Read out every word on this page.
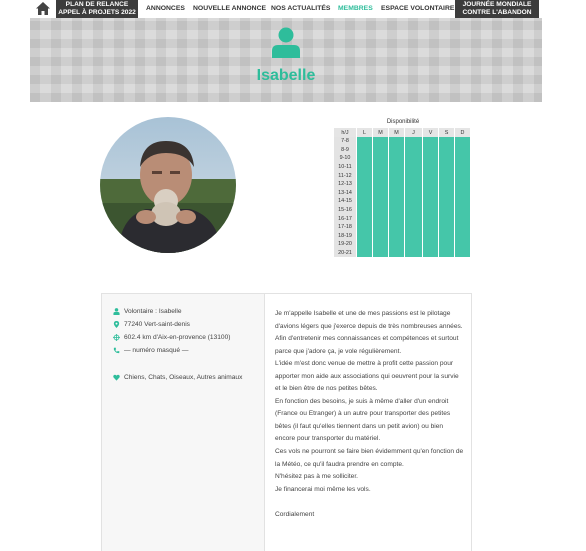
PLAN DE RELANCE
APPEL À PROJETS 2022
ANNONCES NOUVELLE ANNONCE NOS ACTUALITÉS MEMBRES ESPACE VOLONTAIRE
JOURNÉE MONDIALE
CONTRE L'ABANDON
Isabelle
Disponibilité
h/J	L	M	M	J	V	S	D
7-8							
8-9							
9-10							
10-11							
11-12							
12-13							
13-14							
14-15							
15-16							
16-17							
17-18							
18-19							
19-20							
20-21							
Volontaire : Isabelle
77240 Vert-saint-denis
602.4 km d'Aix-en-provence (13100)
— numéro masqué —
Chiens, Chats, Oiseaux, Autres animaux

Je m'appelle Isabelle et une de mes passions est le pilotage d'avions légers que j'exerce depuis de très nombreuses années.

Afin d'entretenir mes connaissances et compétences et surtout parce que j'adore ça, je vole régulièrement.

L'idée m'est donc venue de mettre à profit cette passion pour apporter mon aide aux associations qui oeuvrent pour la survie et le bien être de nos petites bêtes.

En fonction des besoins, je suis à même d'aller d'un endroit (France ou Etranger) à un autre pour transporter des petites bêtes (il faut qu'elles tiennent dans un petit avion) ou bien encore pour transporter du matériel.

Ces vols ne pourront se faire bien évidemment qu'en fonction de la Météo, ce qu'il faudra prendre en compte.

N'hésitez pas à me solliciter.

Je financerai moi même les vols.

Cordialement
